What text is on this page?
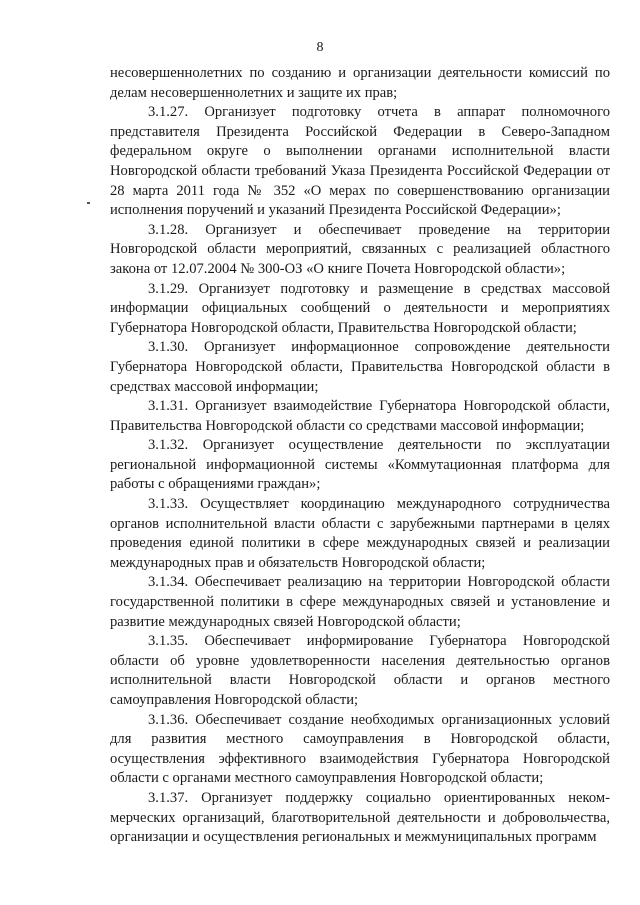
8

несовершеннолетних по созданию и организации деятельности комиссий по делам несовершеннолетних и защите их прав;

3.1.27. Организует подготовку отчета в аппарат полномочного представителя Президента Российской Федерации в Северо-Западном федеральном округе о выполнении органами исполнительной власти Новгородской области требований Указа Президента Российской Федерации от 28 марта 2011 года № 352 «О мерах по совершенствованию организации исполнения поручений и указаний Президента Российской Федерации»;

3.1.28. Организует и обеспечивает проведение на территории Новгородской области мероприятий, связанных с реализацией областного закона от 12.07.2004 № 300-ОЗ «О книге Почета Новгородской области»;

3.1.29. Организует подготовку и размещение в средствах массовой информации официальных сообщений о деятельности и мероприятиях Губернатора Новгородской области, Правительства Новгородской области;

3.1.30. Организует информационное сопровождение деятельности Губернатора Новгородской области, Правительства Новгородской области в средствах массовой информации;

3.1.31. Организует взаимодействие Губернатора Новгородской области, Правительства Новгородской области со средствами массовой информации;

3.1.32. Организует осуществление деятельности по эксплуатации региональной информационной системы «Коммутационная платформа для работы с обращениями граждан»;

3.1.33. Осуществляет координацию международного сотрудничества органов исполнительной власти области с зарубежными партнерами в целях проведения единой политики в сфере международных связей и реализации международных прав и обязательств Новгородской области;

3.1.34. Обеспечивает реализацию на территории Новгородской области государственной политики в сфере международных связей и установление и развитие международных связей Новгородской области;

3.1.35. Обеспечивает информирование Губернатора Новгородской области об уровне удовлетворенности населения деятельностью органов исполнительной власти Новгородской области и органов местного самоуправления Новгородской области;

3.1.36. Обеспечивает создание необходимых организационных условий для развития местного самоуправления в Новгородской области, осуществления эффективного взаимодействия Губернатора Новгородской области с органами местного самоуправления Новгородской области;

3.1.37. Организует поддержку социально ориентированных неком-мерческих организаций, благотворительной деятельности и добровольчества, организации и осуществления региональных и межмуниципальных программ
